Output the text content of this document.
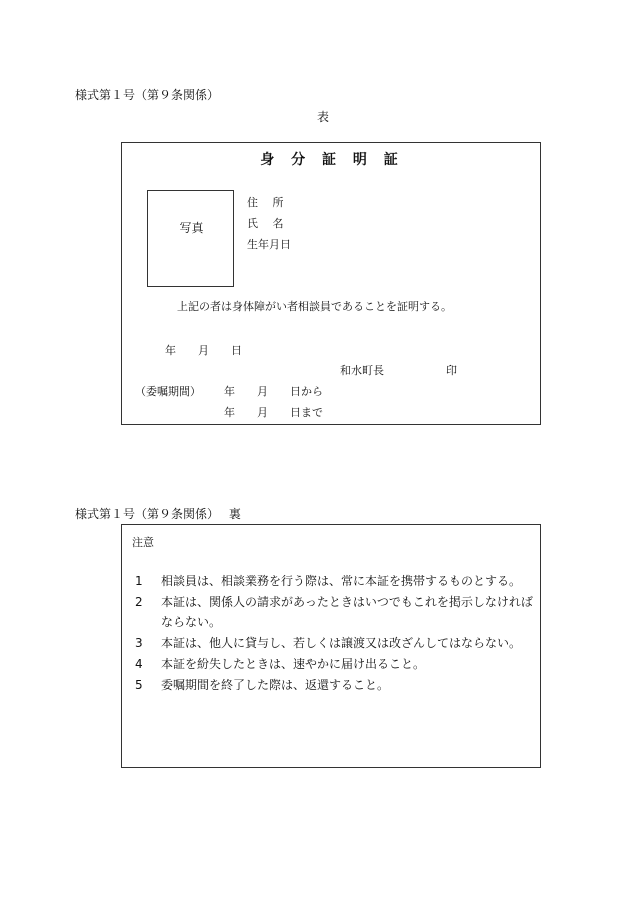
様式第１号（第９条関係）
表
身 分 証 明 証
写真
住　 所
氏　 名
生年月日
上記の者は身体障がい者相談員であることを証明する。
年　　月　　日
和水町長	印
（委嘱期間） 年　　月　　日から
年　　月　　日まで
様式第１号（第９条関係）　 裏
注意
1	相談員は、相談業務を行う際は、常に本証を携帯するものとする。
2	本証は、関係人の請求があったときはいつでもこれを掲示しなければならない。
3	本証は、他人に貸与し、若しくは譲渡又は改ざんしてはならない。
4	本証を紛失したときは、速やかに届け出ること。
5	委嘱期間を終了した際は、返還すること。
